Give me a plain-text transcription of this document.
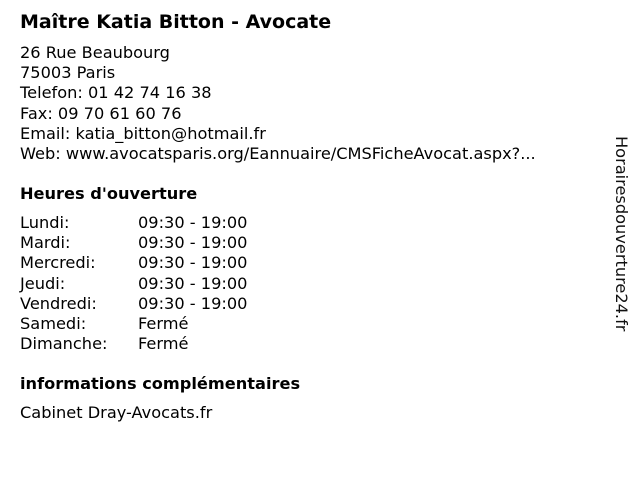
Maître Katia Bitton - Avocate
26 Rue Beaubourg
75003 Paris
Telefon: 01 42 74 16 38
Fax: 09 70 61 60 76
Email: katia_bitton@hotmail.fr
Web: www.avocatsparis.org/Eannuaire/CMSFicheAvocat.aspx?...
Heures d'ouverture
Lundi:	09:30 - 19:00
Mardi:	09:30 - 19:00
Mercredi:	09:30 - 19:00
Jeudi:	09:30 - 19:00
Vendredi:	09:30 - 19:00
Samedi:	Fermé
Dimanche: Fermé
informations complémentaires
Cabinet Dray-Avocats.fr
Horairesdouverture24.fr
